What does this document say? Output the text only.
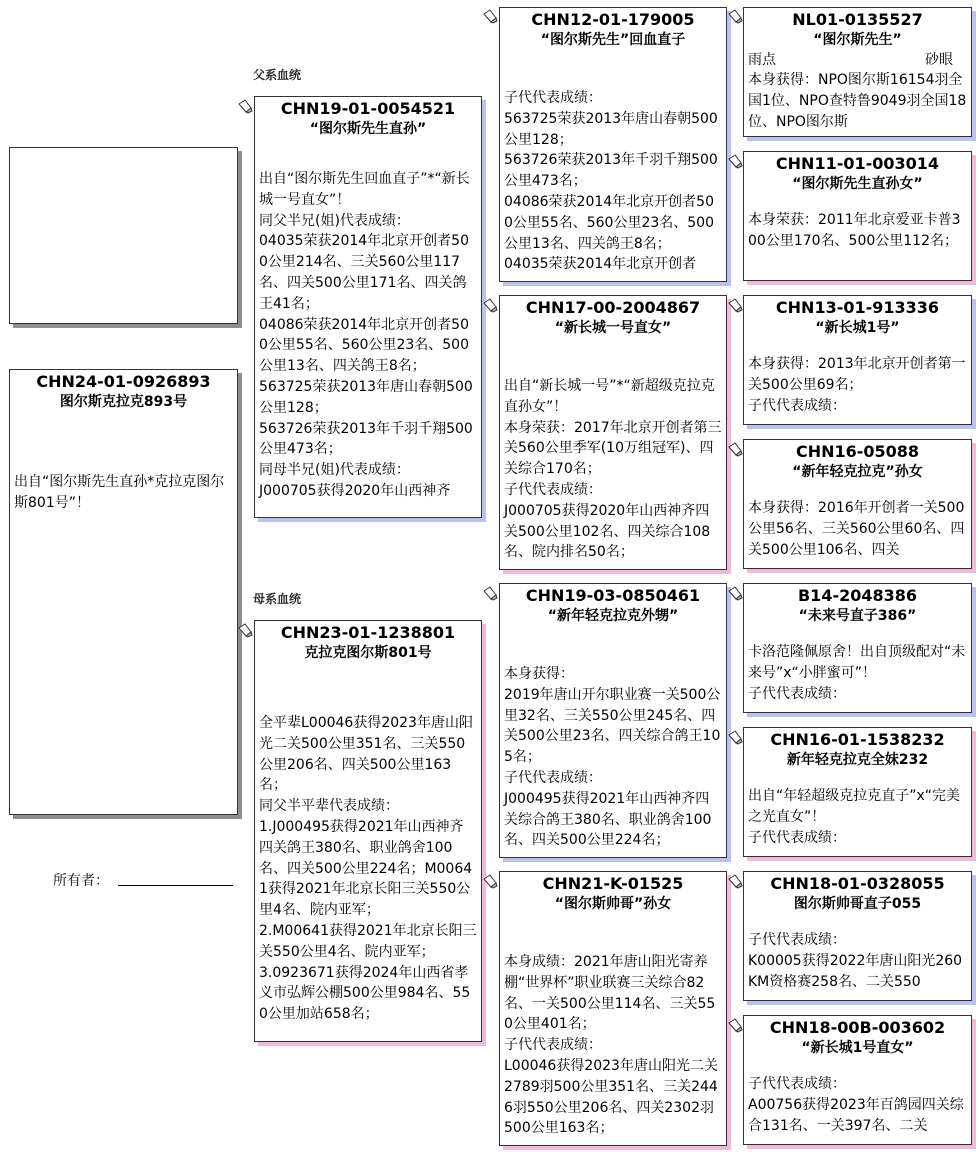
CHN24-01-0926893
图尔斯克拉克893号
出自“图尔斯先生直孙*克拉克图尔斯801号”！
所有者：
父系血统
母系血统
CHN19-01-0054521
“图尔斯先生直孙”
出自“图尔斯先生回血直子”*“新长城一号直女”！
同父半兄(姐)代表成绩：
04035荣获2014年北京开创者500公里214名、三关560公里117名、四关500公里171名、四关鸽王41名；
04086荣获2014年北京开创者500公里55名、560公里23名、500公里13名、四关鸽王8名；
563725荣获2013年唐山春朝500公里128；
563726荣获2013年千羽千翔500公里473名；
同母半兄(姐)代表成绩：
J000705获得2020年山西神齐
CHN23-01-1238801
克拉克图尔斯801号
全平辈L00046获得2023年唐山阳光二关500公里351名、三关550公里206名、四关500公里163名；
同父半平辈代表成绩：
1.J000495获得2021年山西神齐四关鸽王380名、职业鸽舍100名、四关500公里224名；M00641获得2021年北京长阳三关550公里4名、院内亚军；
2.M00641获得2021年北京长阳三关550公里4名、院内亚军；
3.0923671获得2024年山西省孝义市弘辉公棚500公里984名、550公里加站658名；
CHN12-01-179005
“图尔斯先生”回血直子
子代代表成绩：
563725荣获2013年唐山春朝500公里128；
563726荣获2013年千羽千翔500公里473名；
04086荣获2014年北京开创者500公里55名、560公里23名、500公里13名、四关鸽王8名；
04035荣获2014年北京开创者
CHN17-00-2004867
“新长城一号直女”
出自“新长城一号”*“新超级克拉克直孙女”！
本身荣获：2017年北京开创者第三关560公里季军(10万组冠军)、四关综合170名；
子代代表成绩：
J000705获得2020年山西神齐四关500公里102名、四关综合108名、院内排名50名；
CHN19-03-0850461
“新年轻克拉克外甥”
本身获得：
2019年唐山开尔职业赛一关500公里32名、三关550公里245名、四关500公里23名、四关综合鸽王105名；
子代代表成绩：
J000495获得2021年山西神齐四关综合鸽王380名、职业鸽舍100名、四关500公里224名；
CHN21-K-01525
“图尔斯帅哥”孙女
本身成绩：2021年唐山阳光寄养棚“世界杯”职业联赛三关综合82名、一关500公里114名、三关550公里401名；
子代代表成绩：
L00046获得2023年唐山阳光二关2789羽500公里351名、三关2446羽550公里206名、四关2302羽500公里163名；
NL01-0135527
“图尔斯先生”
雨点	砂眼
本身获得：NPO图尔斯16154羽全国1位、NPO查特鲁9049羽全国18位、NPO图尔斯
CHN11-01-003014
“图尔斯先生直孙女”
本身荣获：2011年北京爱亚卡普300公里170名、500公里112名；
CHN13-01-913336
“新长城1号”
本身获得：2013年北京开创者第一关500公里69名；
子代代表成绩：
CHN16-05088
“新年轻克拉克”孙女
本身获得：2016年开创者一关500公里56名、三关560公里60名、四关500公里106名、四关
B14-2048386
“未来号直子386”
卡洛范隆佩原舍！出自顶级配对“未来号”x“小胖蜜可”！
子代代表成绩：
CHN16-01-1538232
新年轻克拉克全妹232
出自“年轻超级克拉克直子”x“完美之光直女”！
子代代表成绩：
CHN18-01-0328055
图尔斯帅哥直子055
子代代表成绩：
K00005获得2022年唐山阳光260KM资格赛258名、二关550
CHN18-00B-003602
“新长城1号直女”
子代代表成绩：
A00756获得2023年百鸽园四关综合131名、一关397名、二关
